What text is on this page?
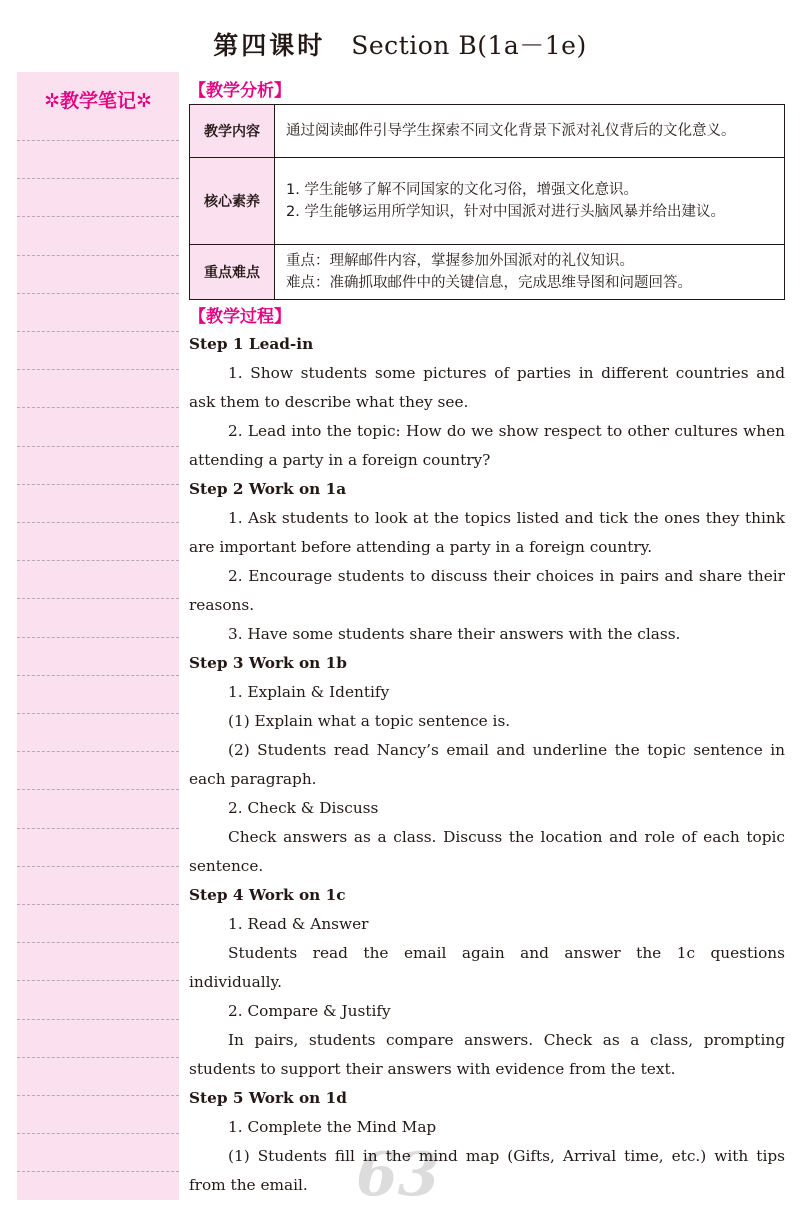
第四课时 Section B(1a－1e)
✲教学笔记✲	【教学分析】
教学内容	通过阅读邮件引导学生探索不同文化背景下派对礼仪背后的文化意义。
核心素养	1. 学生能够了解不同国家的文化习俗，增强文化意识。
2. 学生能够运用所学知识，针对中国派对进行头脑风暴并给出建议。

重点难点	重点：理解邮件内容，掌握参加外国派对的礼仪知识。
难点：准确抓取邮件中的关键信息，完成思维导图和问题回答。
【教学过程】
63
Step 1 Lead-in
1. Show students some pictures of parties in different countries and ask them to describe what they see.
2. Lead into the topic: How do we show respect to other cultures when attending a party in a foreign country?
Step 2 Work on 1a
1. Ask students to look at the topics listed and tick the ones they think are important before attending a party in a foreign country.
2. Encourage students to discuss their choices in pairs and share their reasons.
3. Have some students share their answers with the class.
Step 3 Work on 1b
1. Explain & Identify
(1) Explain what a topic sentence is.
(2) Students read Nancy’s email and underline the topic sentence in each paragraph.
2. Check & Discuss
Check answers as a class. Discuss the location and role of each topic sentence.
Step 4 Work on 1c
1. Read & Answer
Students read the email again and answer the 1c questions individually.
2. Compare & Justify
In pairs, students compare answers. Check as a class, prompting students to support their answers with evidence from the text.
Step 5 Work on 1d
1. Complete the Mind Map
(1) Students fill in the mind map (Gifts, Arrival time, etc.) with tips from the email.
